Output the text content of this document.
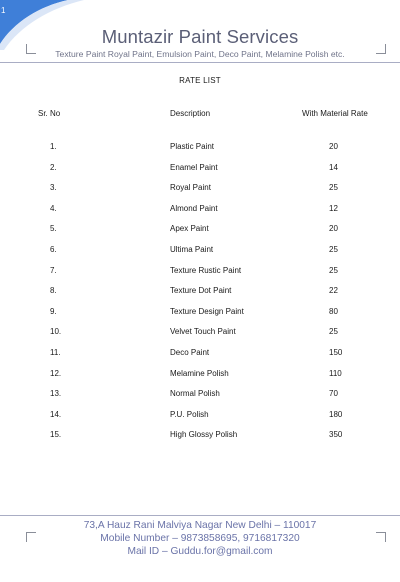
1
Muntazir Paint Services
Texture Paint Royal Paint, Emulsion Paint, Deco Paint, Melamine Polish etc.
RATE LIST
Sr. No	Description	With Material Rate
1.	Plastic Paint	20
2.	Enamel Paint	14
3.	Royal Paint	25
4.	Almond Paint	12
5.	Apex Paint	20
6.	Ultima Paint	25
7.	Texture Rustic Paint	25
8.	Texture Dot Paint	22
9.	Texture Design Paint	80
10.	Velvet Touch Paint	25
11.	Deco Paint	150
12.	Melamine Polish	110
13.	Normal Polish	70
14.	P.U. Polish	180
15.	High Glossy Polish	350
73,A Hauz Rani Malviya Nagar New Delhi – 110017
Mobile Number – 9873858695, 9716817320
Mail ID – Guddu.for@gmail.com
